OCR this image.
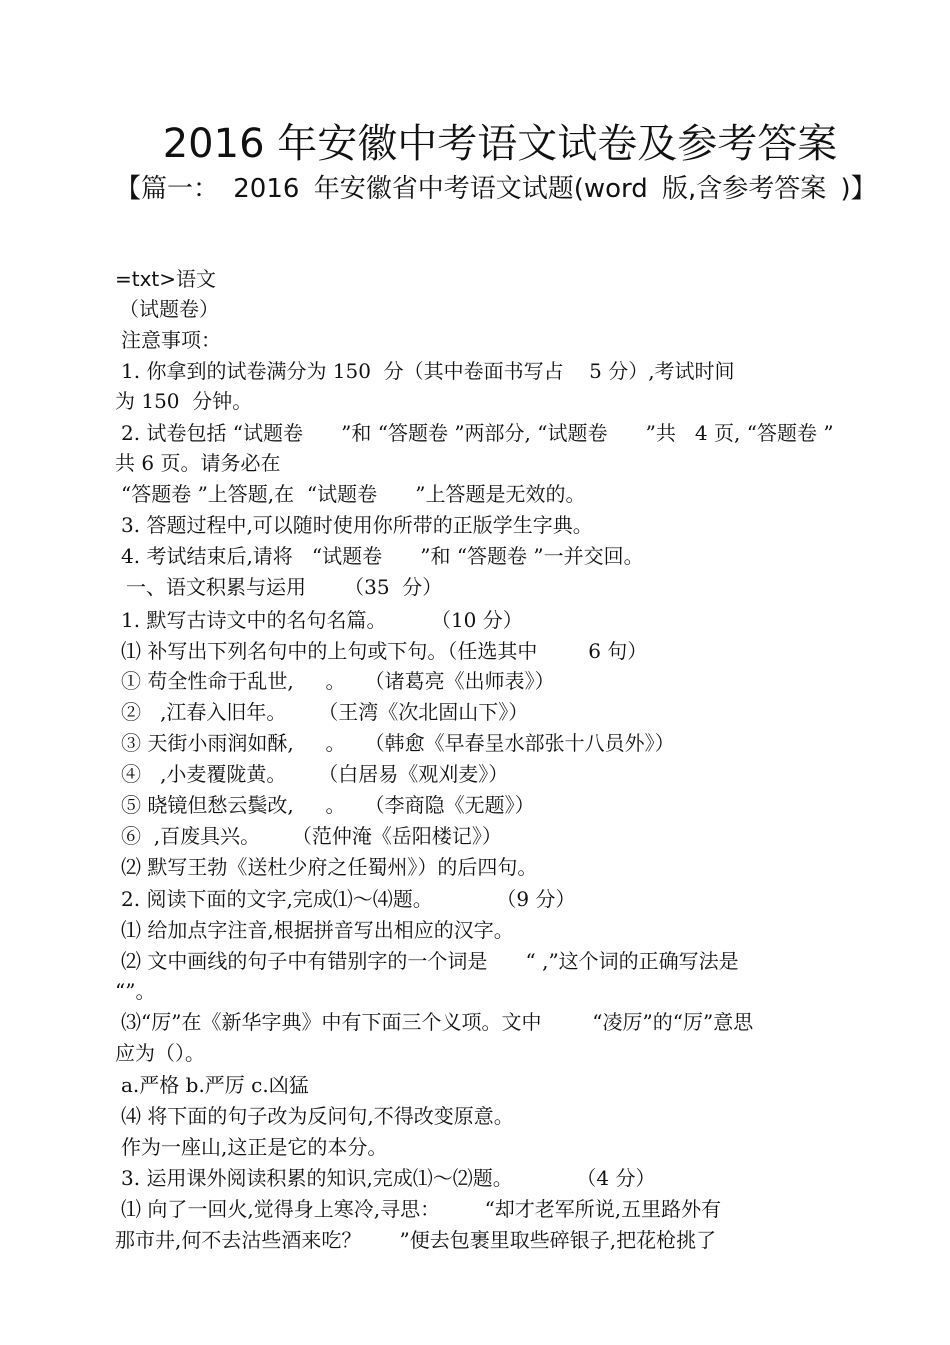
2016 年安徽中考语文试卷及参考答案
【篇一： 2016 年安徽省中考语文试题(word 版,含参考答案 )】
=txt>语文
（试题卷）
注意事项：
1. 你拿到的试卷满分为 150  分（其中卷面书写占    5 分）,考试时间
为 150  分钟。
2. 试卷包括 “试题卷      ”和 “答题卷 ”两部分, “试题卷      ”共   4 页, “答题卷 ”
共 6 页。请务必在
“答题卷 ”上答题,在  “试题卷      ”上答题是无效的。
3. 答题过程中,可以随时使用你所带的正版学生字典。
4. 考试结束后,请将   “试题卷      ”和 “答题卷 ”一并交回。
一、语文积累与运用      （35  分）
1. 默写古诗文中的名句名篇。       （10 分）
⑴ 补写出下列名句中的上句或下句。（任选其中        6 句）
① 苟全性命于乱世,     。   （诸葛亮《出师表》）
②   ,江春入旧年。     （王湾《次北固山下》）
③ 天街小雨润如酥,     。   （韩愈《早春呈水部张十八员外》）
④   ,小麦覆陇黄。     （白居易《观刈麦》）
⑤ 晓镜但愁云鬓改,     。   （李商隐《无题》）
⑥  ,百废具兴。     （范仲淹《岳阳楼记》）
⑵ 默写王勃《送杜少府之任蜀州》）的后四句。
2. 阅读下面的文字,完成⑴～⑷题。          （9 分）
⑴ 给加点字注音,根据拼音写出相应的汉字。
⑵ 文中画线的句子中有错别字的一个词是      “ ,”这个词的正确写法是
“”。
⑶“厉”在《新华字典》中有下面三个义项。文中        “凌厉”的“厉”意思
应为（）。
a.严格 b.严厉 c.凶猛
⑷ 将下面的句子改为反问句,不得改变原意。
作为一座山,这正是它的本分。
3. 运用课外阅读积累的知识,完成⑴～⑵题。          （4 分）
⑴ 向了一回火,觉得身上寒冷,寻思：       “却才老军所说,五里路外有
那市井,何不去沽些酒来吃？      ”便去包裹里取些碎银子,把花枪挑了
